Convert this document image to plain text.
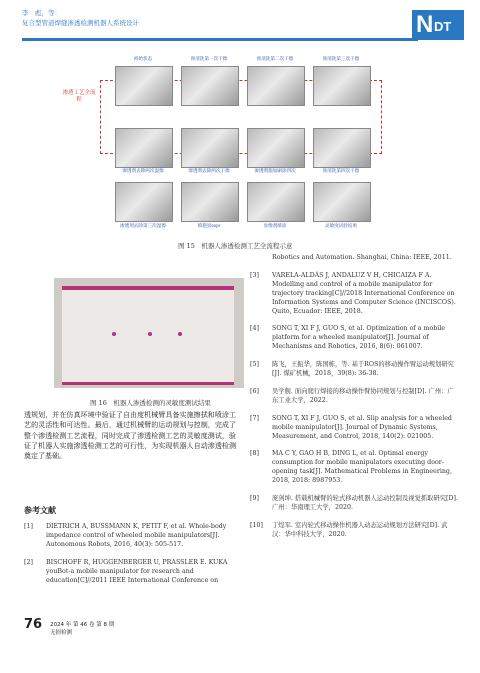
李　彪，等：
复合型管道焊缝渗透检测机器人系统设计	N DT
渗透工艺全流程
初始状态	预清洗第一次干擦	预清洗第二次干擦	预清洗第三次干擦
渗透剂去除两次湿擦	渗透剂去除两次干擦	渗透剂施加刷涂四次	预清洗第四次干擦
渗透剂去除第三次湿擦	喷施显expr	显像剂喷涂	灵敏度试验结果
图 15　机器人渗透检测工艺全流程示意
图 16　机器人渗透检测的灵敏度测试结果
透规划，并在仿真环境中验证了自由度机械臂具备实施擦拭和喷涂工艺的灵活性和可达性。最后，通过机械臂的运动规划与控制，完成了整个渗透检测工艺流程，同时完成了渗透检测工艺的灵敏度测试，验证了机器人实施渗透检测工艺的可行性，为实现机器人自动渗透检测奠定了基础。
参考文献
[1] DIETRICH A, BUSSMANN K, PETIT F, et al. Whole-body impedance control of wheeled mobile manipulators[J]. Autonomous Robots, 2016, 40(3): 505-517.
[2] BISCHOFF R, HUGGENBERGER U, PRASSLER E. KUKA youBot-a mobile manipulator for research and education[C]//2011 IEEE International Conference on
Robotics and Automation. Shanghai, China: IEEE, 2011.
[3] VARELA-ALDÁS J, ANDALUZ V H, CHICAIZA F A. Modelling and control of a mobile manipulator for trajectory tracking[C]//2018 International Conference on Information Systems and Computer Science (INCISCOS). Quito, Ecuador: IEEE, 2018.
[4] SONG T, XI F J, GUO S, et al. Optimization of a mobile platform for a wheeled manipulator[J]. Journal of Mechanisms and Robotics, 2016, 8(6): 061007.
[5] 陈飞，王振华，陈国栋，等. 基于ROS的移动操作臂运动规划研究[J]. 煤矿机械，2018，39(8): 36-38.
[6] 吴学舰. 面向爬行焊接的移动操作臂协同规划与控制[D]. 广州：广东工业大学，2022.
[7] SONG T, XI F J, GUO S, et al. Slip analysis for a wheeled mobile manipulator[J]. Journal of Dynamic Systems, Measurement, and Control, 2018, 140(2): 021005.
[8] MA C Y, GAO H B, DING L, et al. Optimal energy consumption for mobile manipulators executing door-opening task[J]. Mathematical Problems in Engineering, 2018, 2018: 8987953.
[9] 庞剑坤. 搭载机械臂的轮式移动机器人运动控制及视觉抓取研究[D]. 广州：华南理工大学，2020.
[10] 丁煌军. 室内轮式移动操作机器人动态运动规划方法研究[D]. 武汉：华中科技大学，2020.
76 2024 年 第 46 卷 第 8 期
无损检测
